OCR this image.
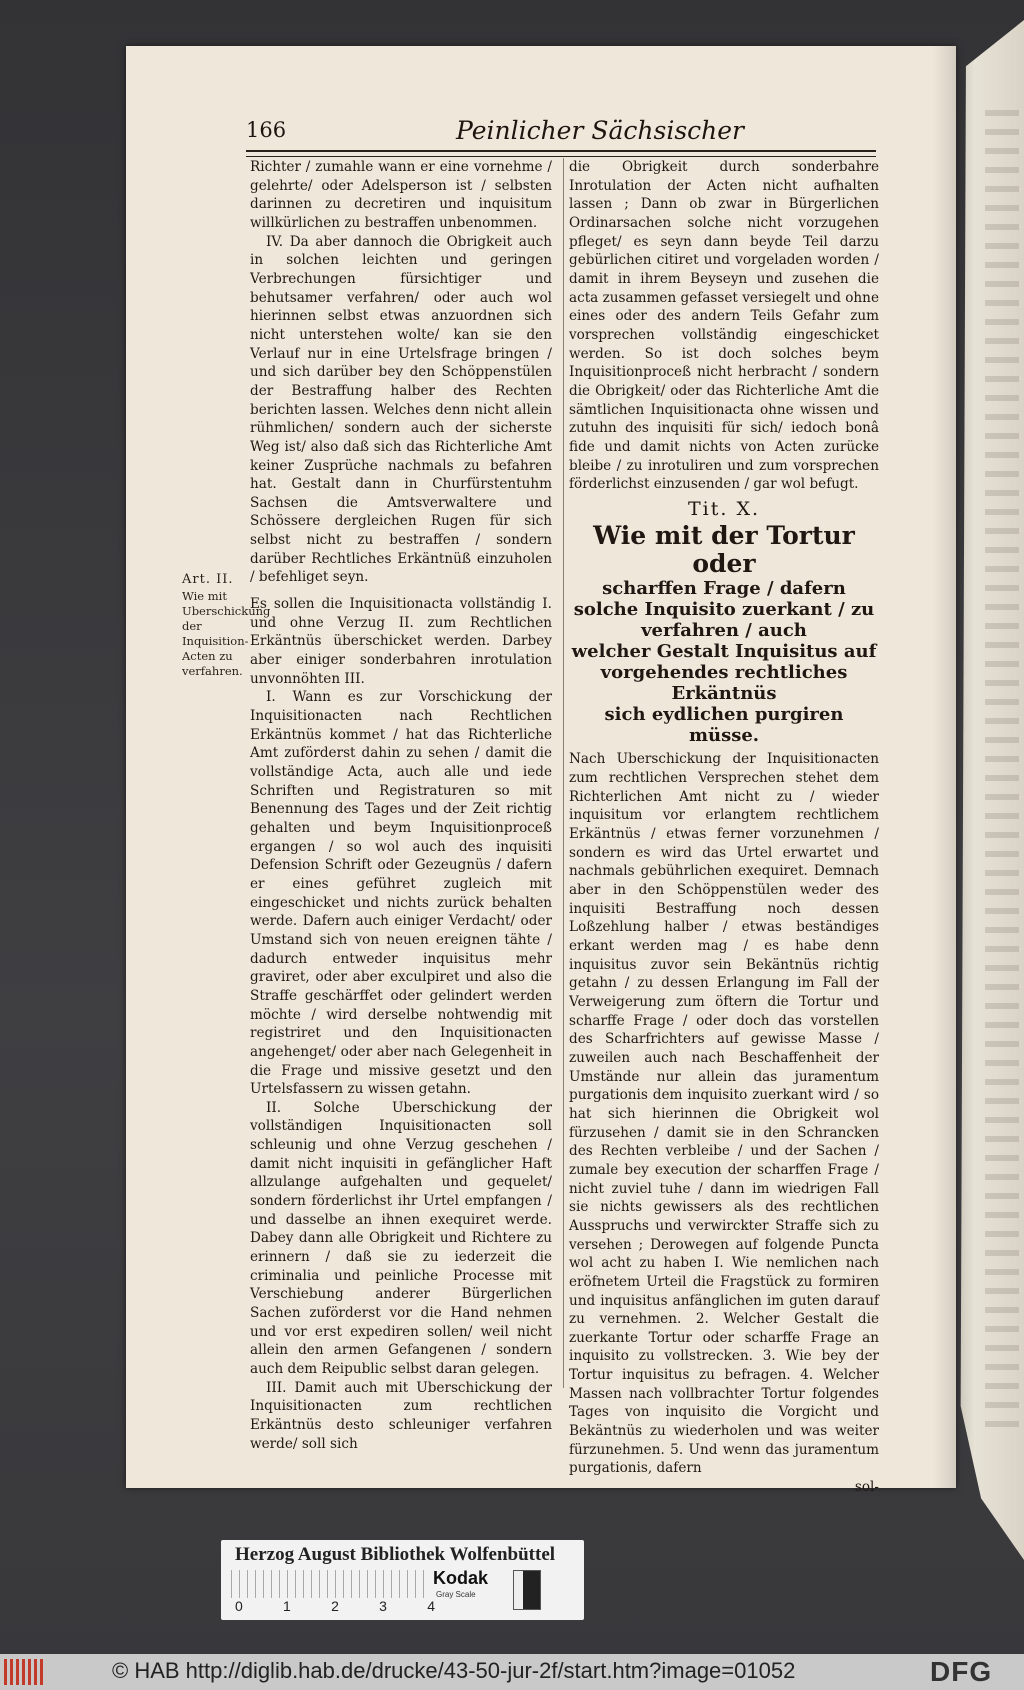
166	Peinlicher Sächsischer
Art. II.
Wie mit Uberschickung der Inquisition-Acten zu verfahren.

Richter / zumahle wann er eine vornehme / gelehrte/ oder Adelsperson ist / selbsten darinnen zu decretiren und inquisitum willkürlichen zu bestraffen unbenommen.

IV. Da aber dannoch die Obrigkeit auch in solchen leichten und geringen Verbrechungen fürsichtiger und behutsamer verfahren/ oder auch wol hierinnen selbst etwas anzuordnen sich nicht unterstehen wolte/ kan sie den Verlauf nur in eine Urtelsfrage bringen / und sich darüber bey den Schöppenstülen der Bestraffung halber des Rechten berichten lassen. Welches denn nicht allein rühmlichen/ sondern auch der sicherste Weg ist/ also daß sich das Richterliche Amt keiner Zusprüche nachmals zu befahren hat. Gestalt dann in Churfürstentuhm Sachsen die Amtsverwaltere und Schössere dergleichen Rugen für sich selbst nicht zu bestraffen / sondern darüber Rechtliches Erkäntnüß einzuholen / befehliget seyn.

Es sollen die Inquisitionacta vollständig I. und ohne Verzug II. zum Rechtlichen Erkäntnüs überschicket werden. Darbey aber einiger sonderbahren inrotulation unvonnöhten III.

I. Wann es zur Vorschickung der Inquisitionacten nach Rechtlichen Erkäntnüs kommet / hat das Richterliche Amt zuförderst dahin zu sehen / damit die vollständige Acta, auch alle und iede Schriften und Registraturen so mit Benennung des Tages und der Zeit richtig gehalten und beym Inquisitionproceß ergangen / so wol auch des inquisiti Defension Schrift oder Gezeugnüs / dafern er eines geführet zugleich mit eingeschicket und nichts zurück behalten werde. Dafern auch einiger Verdacht/ oder Umstand sich von neuen ereignen tähte / dadurch entweder inquisitus mehr graviret, oder aber exculpiret und also die Straffe geschärffet oder gelindert werden möchte / wird derselbe nohtwendig mit registriret und den Inquisitionacten angehenget/ oder aber nach Gelegenheit in die Frage und missive gesetzt und den Urtelsfassern zu wissen getahn.

II. Solche Uberschickung der vollständigen Inquisitionacten soll schleunig und ohne Verzug geschehen / damit nicht inquisiti in gefänglicher Haft allzulange aufgehalten und gequelet/ sondern förderlichst ihr Urtel empfangen / und dasselbe an ihnen exequiret werde. Dabey dann alle Obrigkeit und Richtere zu erinnern / daß sie zu iederzeit die criminalia und peinliche Processe mit Verschiebung anderer Bürgerlichen Sachen zuförderst vor die Hand nehmen und vor erst expediren sollen/ weil nicht allein den armen Gefangenen / sondern auch dem Reipublic selbst daran gelegen.

III. Damit auch mit Uberschickung der Inquisitionacten zum rechtlichen Erkäntnüs desto schleuniger verfahren werde/ soll sich

die Obrigkeit durch sonderbahre Inrotulation der Acten nicht aufhalten lassen ; Dann ob zwar in Bürgerlichen Ordinarsachen solche nicht vorzugehen pfleget/ es seyn dann beyde Teil darzu gebürlichen citiret und vorgeladen worden / damit in ihrem Beyseyn und zusehen die acta zusammen gefasset versiegelt und ohne eines oder des andern Teils Gefahr zum vorsprechen vollständig eingeschicket werden. So ist doch solches beym Inquisitionproceß nicht herbracht / sondern die Obrigkeit/ oder das Richterliche Amt die sämtlichen Inquisitionacta ohne wissen und zutuhn des inquisiti für sich/ iedoch bonâ fide und damit nichts von Acten zurücke bleibe / zu inrotuliren und zum vorsprechen förderlichst einzusenden / gar wol befugt.

Tit. X.
Wie mit der Tortur oder
scharffen Frage / dafern solche Inquisito zuerkant / zu verfahren / auch
welcher Gestalt Inquisitus auf vorgehendes rechtliches Erkäntnüs
sich eydlichen purgiren müsse.

Nach Uberschickung der Inquisitionacten zum rechtlichen Versprechen stehet dem Richterlichen Amt nicht zu / wieder inquisitum vor erlangtem rechtlichem Erkäntnüs / etwas ferner vorzunehmen / sondern es wird das Urtel erwartet und nachmals gebührlichen exequiret. Demnach aber in den Schöppenstülen weder des inquisiti Bestraffung noch dessen Loßzehlung halber / etwas beständiges erkant werden mag / es habe denn inquisitus zuvor sein Bekäntnüs richtig getahn / zu dessen Erlangung im Fall der Verweigerung zum öftern die Tortur und scharffe Frage / oder doch das vorstellen des Scharfrichters auf gewisse Masse / zuweilen auch nach Beschaffenheit der Umstände nur allein das juramentum purgationis dem inquisito zuerkant wird / so hat sich hierinnen die Obrigkeit wol fürzusehen / damit sie in den Schrancken des Rechten verbleibe / und der Sachen / zumale bey execution der scharffen Frage / nicht zuviel tuhe / dann im wiedrigen Fall sie nichts gewissers als des rechtlichen Ausspruchs und verwirckter Straffe sich zu versehen ; Derowegen auf folgende Puncta wol acht zu haben I. Wie nemlichen nach eröfnetem Urteil die Fragstück zu formiren und inquisitus anfänglichen im guten darauf zu vernehmen. 2. Welcher Gestalt die zuerkante Tortur oder scharffe Frage an inquisito zu vollstrecken. 3. Wie bey der Tortur inquisitus zu befragen. 4. Welcher Massen nach vollbrachter Tortur folgendes Tages von inquisito die Vorgicht und Bekäntnüs zu wiederholen und was weiter fürzunehmen. 5. Und wenn das juramentum purgationis, dafern

sol-

Herzog August Bibliothek Wolfenbüttel
0	1	2	3	4
Kodak
Gray Scale
© HAB http://diglib.hab.de/drucke/43-50-jur-2f/start.htm?image=01052	DFG
